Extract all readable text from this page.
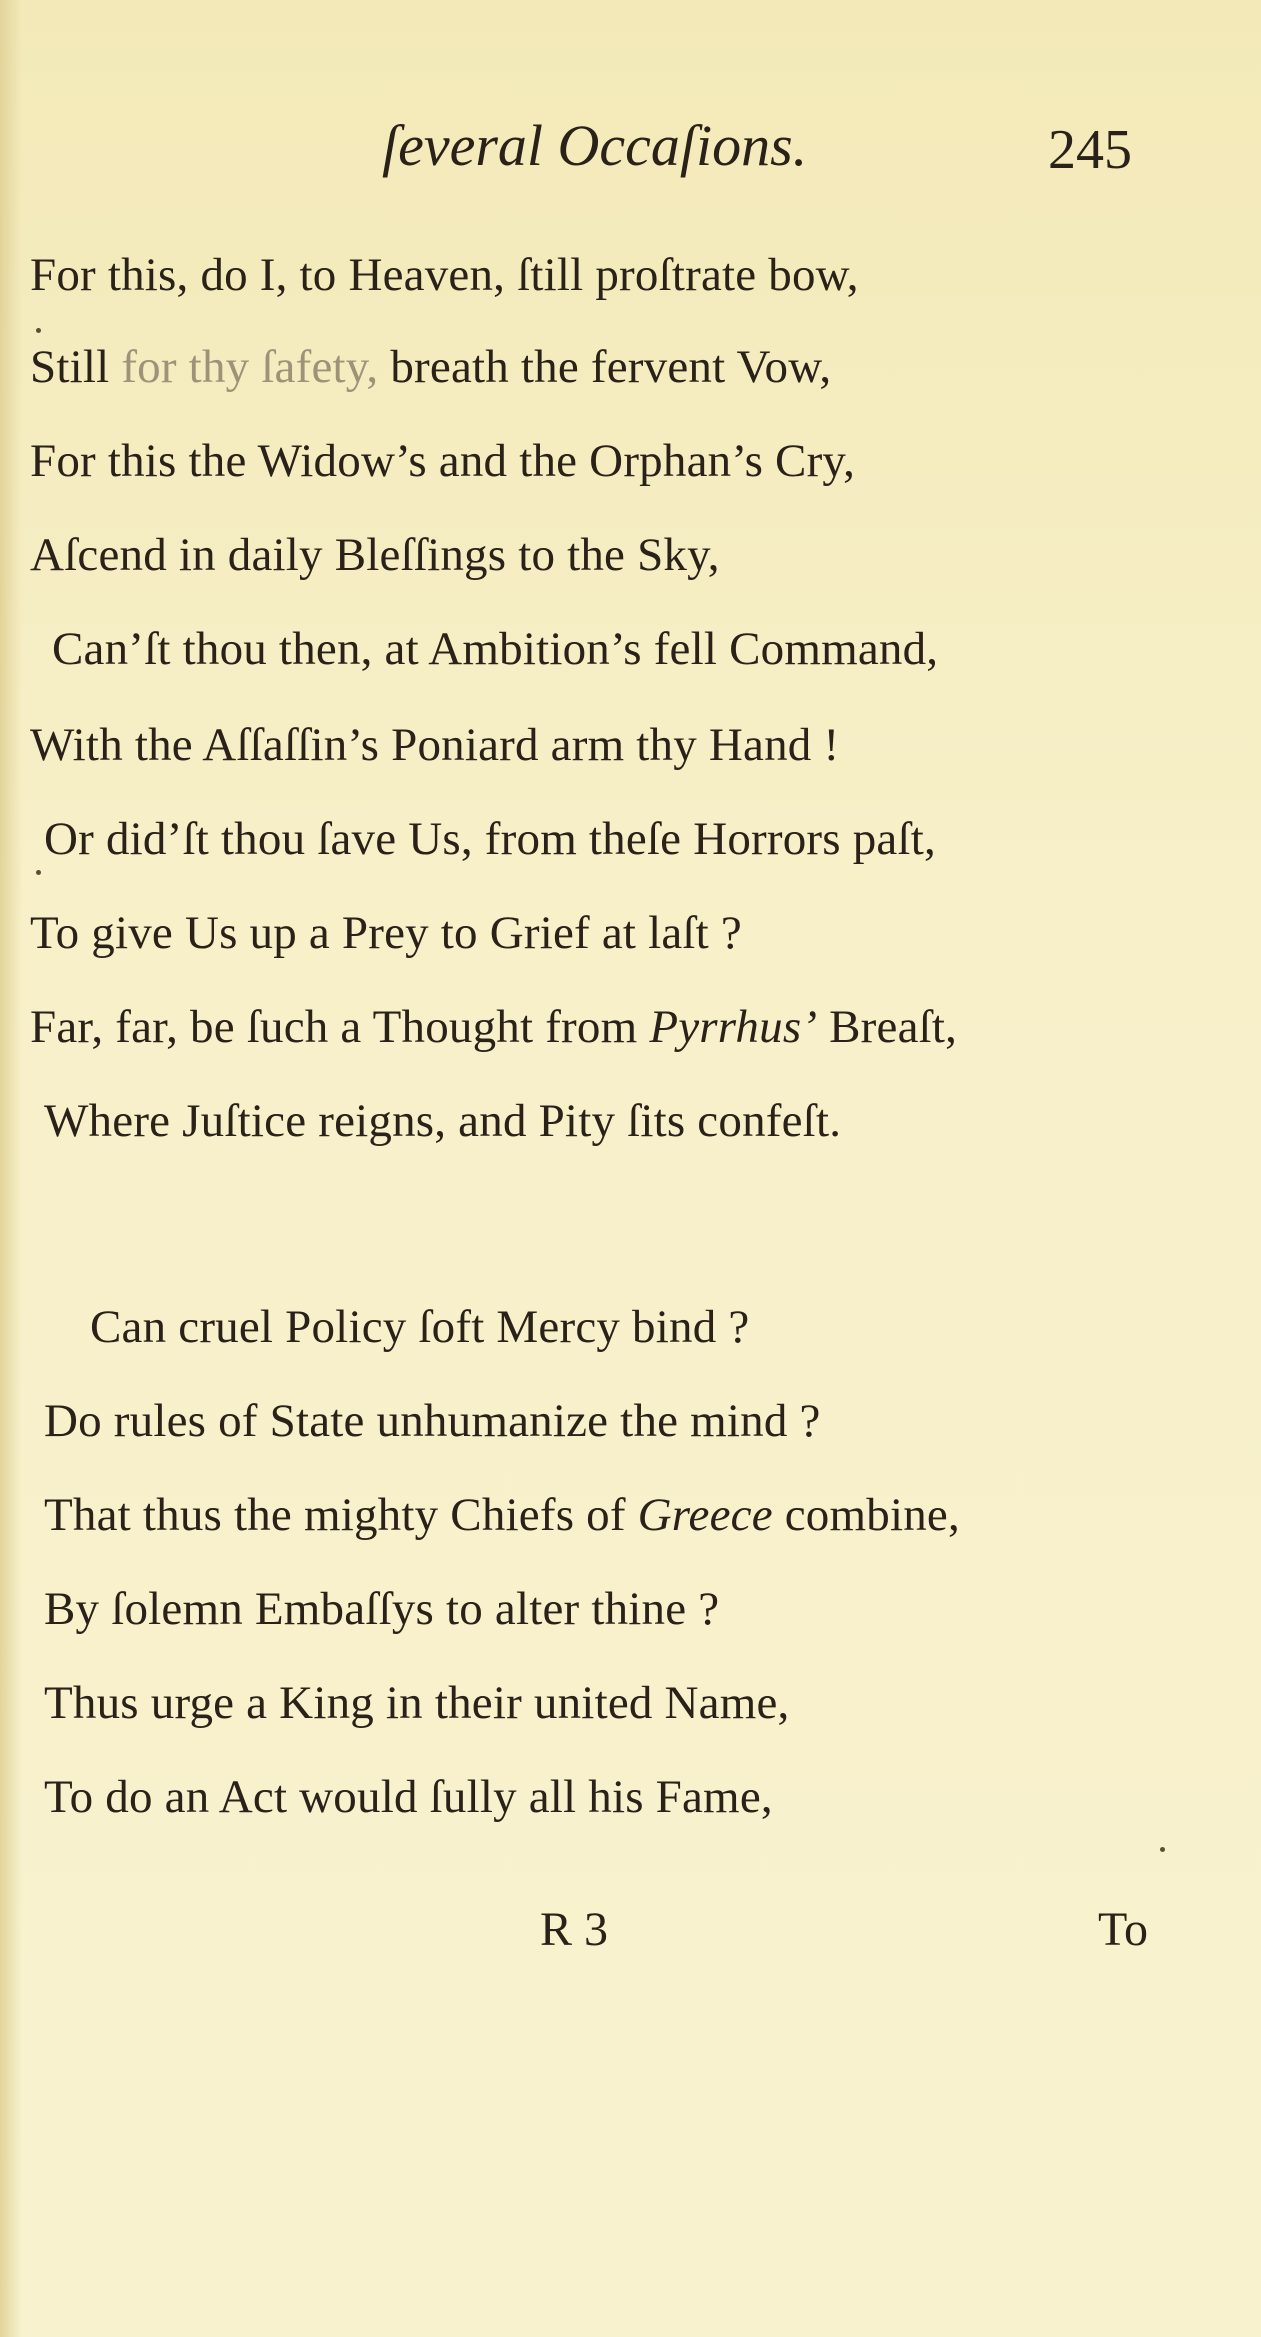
ſeveral Occaſions.	245
For this, do I, to Heaven, ſtill proſtrate bow,
Still for thy ſafety, breath the fervent Vow,
For this the Widow’s and the Orphan’s Cry,
Aſcend in daily Bleſſings to the Sky,
Can’ſt thou then, at Ambition’s fell Command,
With the Aſſaſſin’s Poniard arm thy Hand !
Or did’ſt thou ſave Us, from theſe Horrors paſt,
To give Us up a Prey to Grief at laſt ?
Far, far, be ſuch a Thought from Pyrrhus’ Breaſt,
Where Juſtice reigns, and Pity ſits confeſt.
Can cruel Policy ſoft Mercy bind ?
Do rules of State unhumanize the mind ?
That thus the mighty Chiefs of Greece combine,
By ſolemn Embaſſys to alter thine ?
Thus urge a King in their united Name,
To do an Act would ſully all his Fame,
R 3	To
